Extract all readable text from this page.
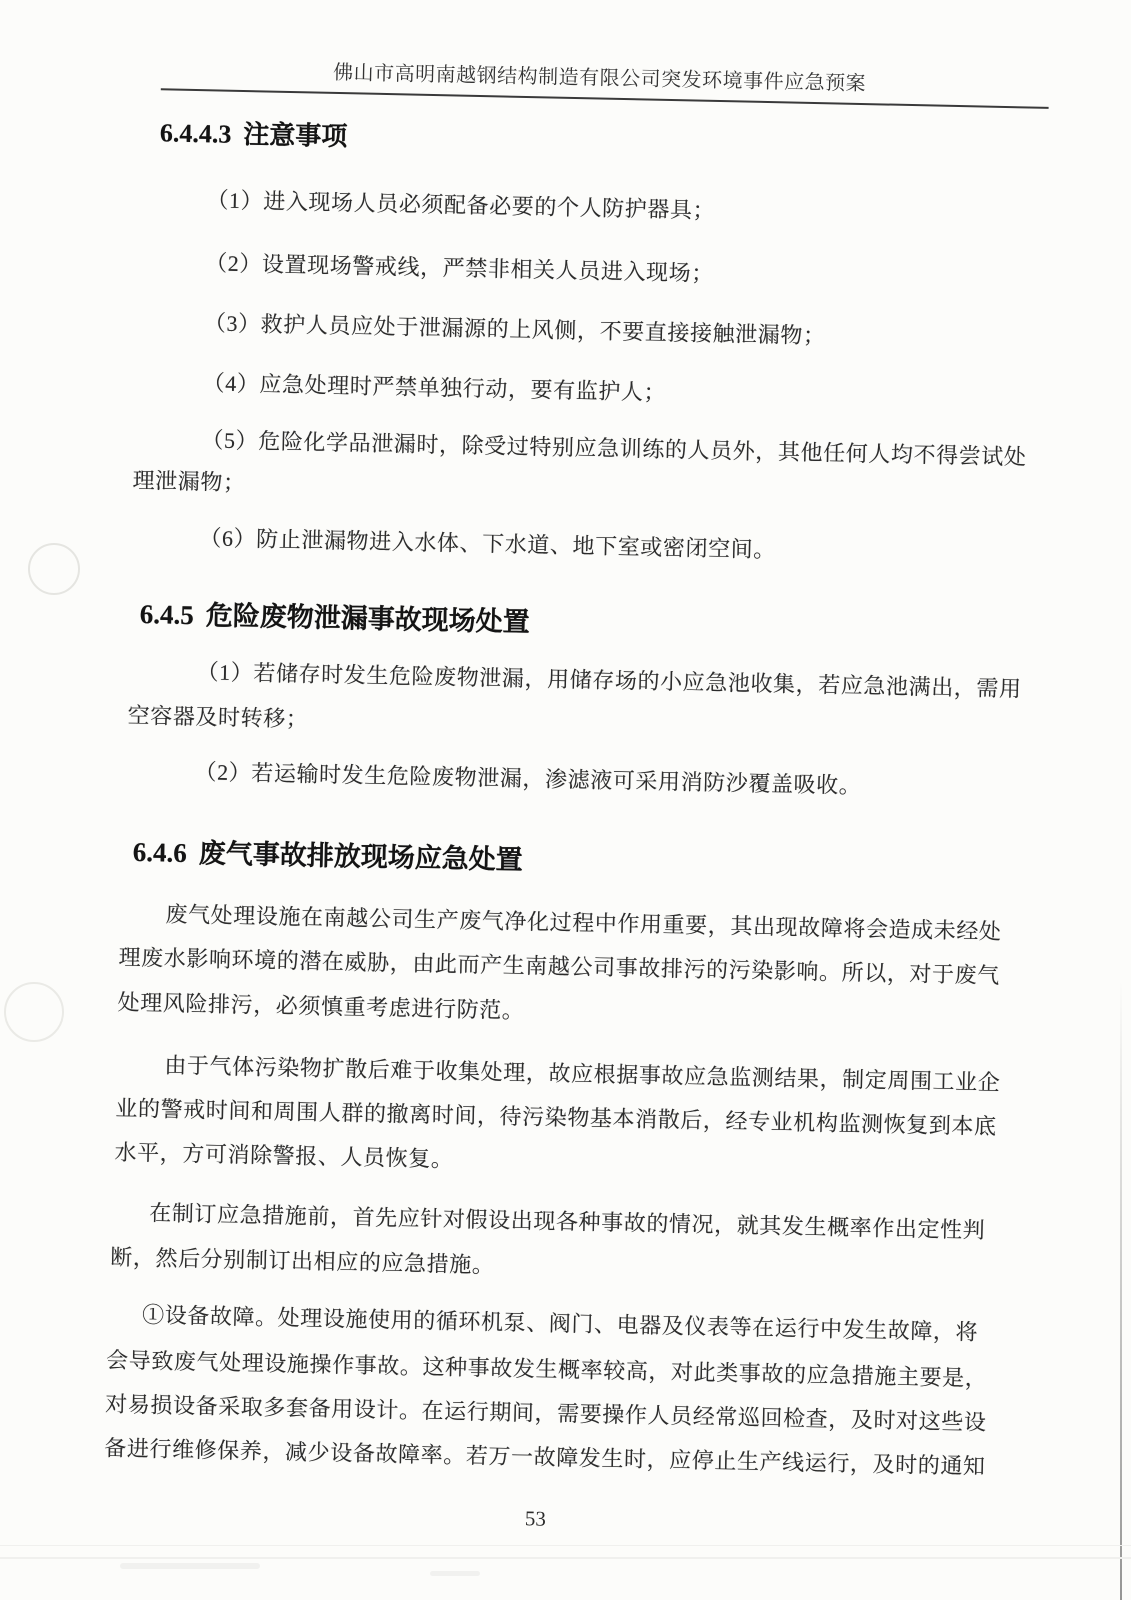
佛山市高明南越钢结构制造有限公司突发环境事件应急预案
6.4.4.3 注意事项
（1）进入现场人员必须配备必要的个人防护器具；
（2）设置现场警戒线，严禁非相关人员进入现场；
（3）救护人员应处于泄漏源的上风侧，不要直接接触泄漏物；
（4）应急处理时严禁单独行动，要有监护人；
（5）危险化学品泄漏时，除受过特别应急训练的人员外，其他任何人均不得尝试处
理泄漏物；
（6）防止泄漏物进入水体、下水道、地下室或密闭空间。
6.4.5 危险废物泄漏事故现场处置
（1）若储存时发生危险废物泄漏，用储存场的小应急池收集，若应急池满出，需用
空容器及时转移；
（2）若运输时发生危险废物泄漏，渗滤液可采用消防沙覆盖吸收。
6.4.6 废气事故排放现场应急处置
废气处理设施在南越公司生产废气净化过程中作用重要，其出现故障将会造成未经处
理废水影响环境的潜在威胁，由此而产生南越公司事故排污的污染影响。所以，对于废气
处理风险排污，必须慎重考虑进行防范。
由于气体污染物扩散后难于收集处理，故应根据事故应急监测结果，制定周围工业企
业的警戒时间和周围人群的撤离时间，待污染物基本消散后，经专业机构监测恢复到本底
水平，方可消除警报、人员恢复。
在制订应急措施前，首先应针对假设出现各种事故的情况，就其发生概率作出定性判
断，然后分别制订出相应的应急措施。
①设备故障。处理设施使用的循环机泵、阀门、电器及仪表等在运行中发生故障，将
会导致废气处理设施操作事故。这种事故发生概率较高，对此类事故的应急措施主要是，
对易损设备采取多套备用设计。在运行期间，需要操作人员经常巡回检查，及时对这些设
备进行维修保养，减少设备故障率。若万一故障发生时，应停止生产线运行，及时的通知
53
